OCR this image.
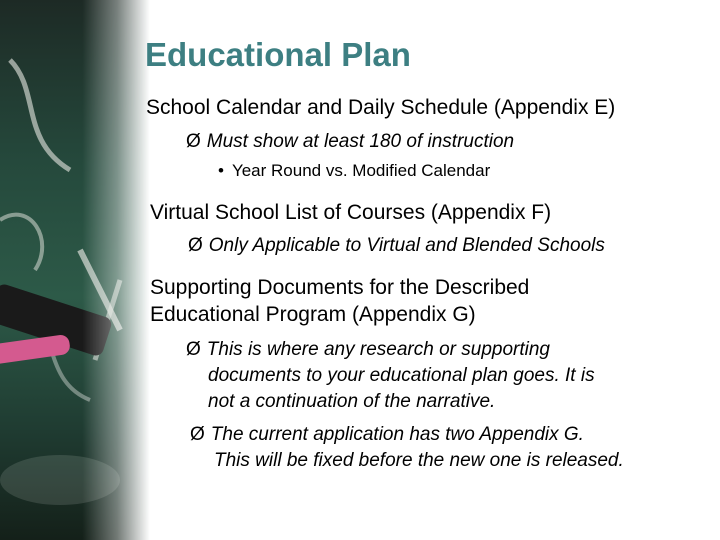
Educational Plan
School Calendar and Daily Schedule (Appendix E)
Ø Must show at least 180 of instruction
• Year Round vs. Modified Calendar
Virtual School List of Courses (Appendix F)
Ø Only Applicable to Virtual and Blended Schools
Supporting Documents for the Described
Educational Program (Appendix G)
Ø This is where any research or supporting
documents to your educational plan goes. It is
not a continuation of the narrative.
Ø The current application has two Appendix G.
This will be fixed before the new one is released.
